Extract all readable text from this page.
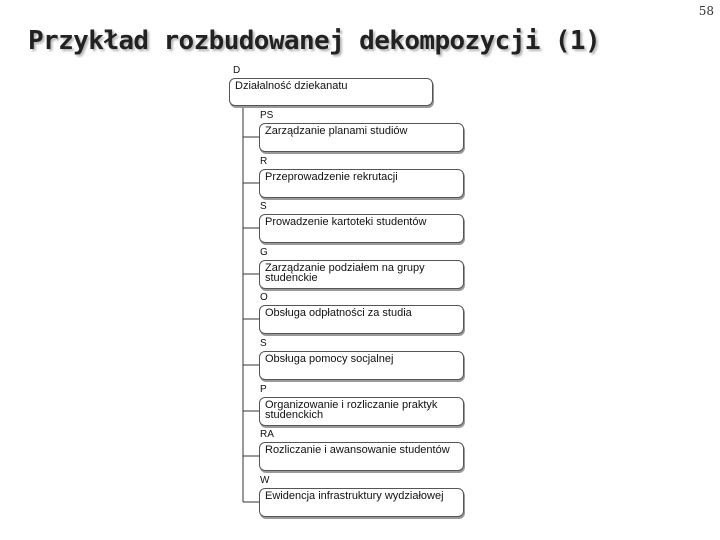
58
Przykład rozbudowanej dekompozycji (1)
D
Działalność dziekanatu
PS
Zarządzanie planami studiów
R
Przeprowadzenie rekrutacji
S
Prowadzenie kartoteki studentów
G
Zarządzanie podziałem na grupy studenckie
O
Obsługa odpłatności za studia
S
Obsługa pomocy socjalnej
P
Organizowanie i rozliczanie praktyk studenckich
RA
Rozliczanie i awansowanie studentów
W
Ewidencja infrastruktury wydziałowej
